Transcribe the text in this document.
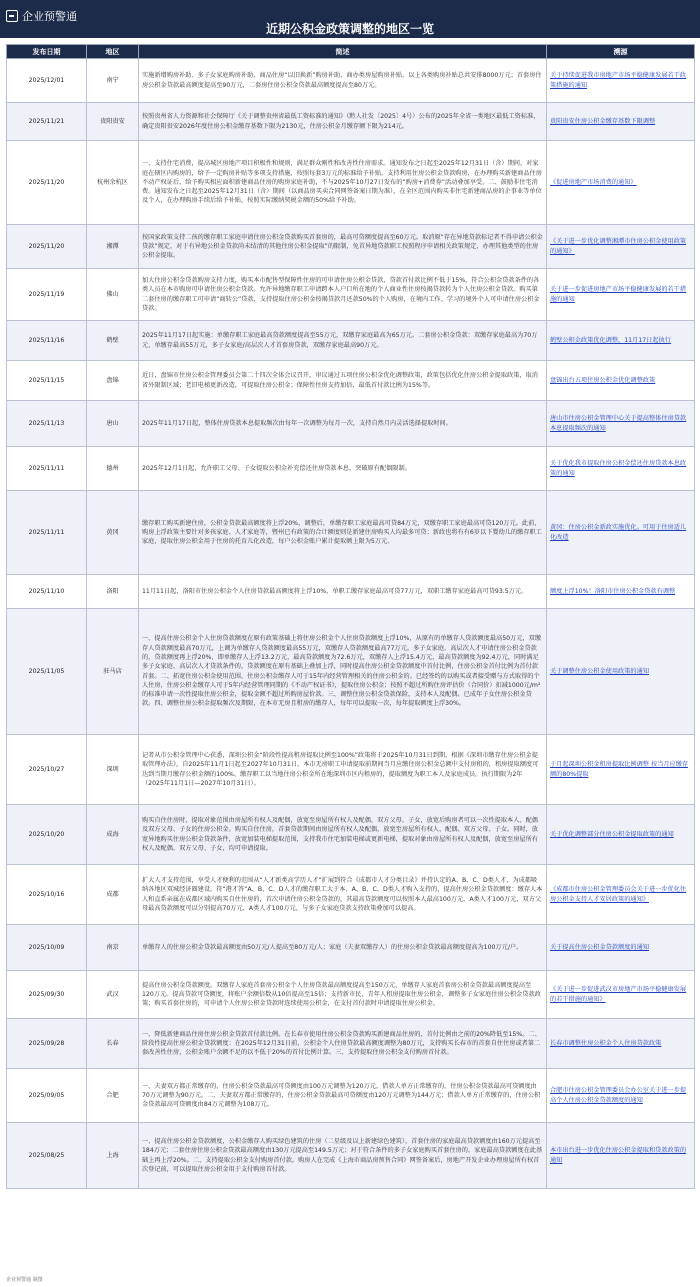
企业预警通
近期公积金政策调整的地区一览
发布日期	地区	简述	溯源
2025/12/01	南宁	实施新增购房补助、多子女家庭购房补助、商品住房“以旧换新”购房补助、商办类房屋购房补贴，以上各类购房补贴总共安排8000万元；首套房住房公积金贷款最高额度提高至90万元，二套房住房公积金贷款最高额度提高至80万元。	关于持续促进我市房地产市场平稳健康发展若干政策措施的通知
2025/11/21	贵阳贵安	按照贵州省人力资源和社会保障厅《关于调整贵州省最低工资标准的通知》（黔人社发〔2025〕4号）公布的2025年全省一类地区最低工资标准，确定贵阳贵安2026年度住房公积金缴存基数下限为2130元，住房公积金月缴存额下限为214元。	贵阳贵安住房公积金缴存基数下限调整
2025/11/20	杭州余杭区	一、支持住宅消费，提高城区房地产项目积极性和规则，满足群众刚性和改善性住房需求。通知发布之日起至2025年12月31日（含）期间，对家庭在辖区内购房的，给予一定购房补贴等多项支持措施，按照每套3万元的标准给予补贴，支持利用住房公积金贷款购房，在办理购买新建商品住房不动产权证后，给予购买相应面积新建商品住房的购房家庭补助，不与2025年10月27日发布的“购房+消费券”活动叠加享受。二、鼓励非住宅消费。通知发布之日起至2025年12月31日（含）期间（以商品房买卖合同网签备案日期为准），在全区范围内购买非住宅新建商品房的企事业等单位及个人，在办理购房手续后给予补贴，按照实际缴纳契税金额的50%给予补助。	《促进房地产市场消费的通知》
2025/11/20	湘潭	按国家政策支持二孩的缴存职工家庭申请住房公积金贷款购买首套房的，最高可贷额度提高至60万元。取消原“存在异地贷款标记者不得申请公积金贷款”规定，对于有异地公积金贷款尚未结清的其他住房公积金提取”的限制，免首异地贷款职工按照程序申请相关政策规定，办理其他类型的住房公积金提取。	《关于进一步优化调整湘潭市住房公积金使用政策的通知》
2025/11/19	佛山	加大住房公积金贷款购房支持力度，购买本市配售型保障性住房的可申请住房公积金贷款，贷款首付款比例不低于15%，符合公积金贷款条件的各类人员在本市购房可申请住房公积金贷款。允许异地缴存职工申请跨本人户口所在地的个人商业性住房按揭贷款转为个人住房公积金贷款。购买第二套住房的缴存职工可申请“商转公”贷款，支持提取住房公积金按揭贷款月还款50%的个人购房，在境内工作、学习的境外个人可申请住房公积金贷款。	关于进一步促进房地产市场平稳健康发展的若干措施的通知
2025/11/16	鹤壁	2025年11月17日起实施：单缴存职工家庭最高贷款额度提高至55万元，双缴存家庭最高为65万元。二套房公积金贷款：双缴存家庭最高为70万元，单缴存最高55万元，多子女家庭/高层次人才首套房贷款，双缴存家庭最高90万元。	鹤壁公积金政策优化调整，11月17日起执行
2025/11/15	盘锦	近日，盘锦市住房公积金管理委员会第二十四次全体会议召开，审议通过五项住房公积金优化调整政策，政策包括优化住房公积金提取政策，取消省外限制区域；老旧电梯更新改造，可提取住房公积金；保障性住房支持加倍，最低首付款比例为15%等。	盘锦出台五项住房公积金优化调整政策
2025/11/13	唐山	2025年11月17日起，整体住房贷款本息提取频次由每年一次调整为每月一次，支持自然月内灵活选择提取时间。	唐山市住房公积金管理中心关于提高整体住房贷款本息提取频次的通知
2025/11/11	德州	2025年12月1日起，允许职工父母、子女提取公积金补充偿还住房贷款本息，突破原有配偶限制。	关于优化我市提取住房公积金偿还住房贷款本息政策的通知
2025/11/11	黄冈	缴存职工购买新建住房，公积金贷款最高额度将上浮20%，调整后，单缴存职工家庭最高可贷84万元，双缴存职工家庭最高可贷120万元。此前，购房上浮政策主要针对多孩家庭、人才家庭等，暨州已有政策的合计额度则是新建住房购买人均最多可贷；新政也将有有6岁以下婴幼儿的缴存职工家庭，提取住房公积金用于住房的托育儿化改造，每户公积金账户累计提取额上限为5万元。	黄冈：住房公积金新政实施优化。可用于住房适儿化改造
2025/11/10	洛阳	11月11日起，洛阳市住房公积金个人住房贷款最高额度将上浮10%，单职工缴存家庭最高可贷77万元，双职工缴存家庭最高可贷93.5万元。	额度上浮10%！洛阳市住房公积金贷款有调整
2025/11/05	驻马店	一、提高住房公积金个人住房贷款额度在原有政策基础上将住房公积金个人住房贷款额度上浮10%，从原有的单缴存人贷款额度最高50万元，双缴存人贷款额度最高70万元，上调为单缴存人贷款额度最高55万元，双缴存人贷款额度最高77万元。多子女家庭、高层次人才申请住房公积金贷款的，贷款额度再上浮20%，即单缴存人上浮13.2万元，最高贷款额度为72.6万元，双缴存人上浮15.4万元，最高贷款额度为92.4万元，同时满足多子女家庭、高层次人才贷款条件的，贷款额度在原有基础上叠加上浮，同时提高住房公积金贷款额度中首付比例，住房公积金首付比例为首付款首套。二、拓宽住房公积金使用范围，住房公积金缴存人可于15年内经营管理相关的住房公积金的。已经签约的以购买或者接受赠与方式取得的个人住房，住房公积金缴存人可于5年内经营管理同期的《不动产权证书》，提取住房公积金；按照不超过所购住房评估价（合同价）扣减1000元/m²的标准申请一次性提取住房公积金，提取金额不超过所购房屋价款。三、调整住房公积金贷款保险，支持本人及配偶、已成年子女住房公积金贷款。四、调整住房公积金提取频次及期限，在本市无房且租房的缴存人，每年可以提取一次，每年提取额度上浮30%。	关于调整住房公积金使用政策的通知
2025/10/27	深圳	记者从市公积金管理中心获悉，深圳公积金“阶段性提高租房提取比例至100%”政策将于2025年10月31日到期，根据《深圳市缴存住房公积金提取管理办法》，自2025年11月1日起至2027年10月31日，本市无房职工申请提取前期间当月应缴住房公积金总额中支付房租的，租房提取额度可达到当期月缴存公积金额的100%，缴存职工以当地住房公积金所在地深圳市区内租房的，提取额度为职工本人及家庭成员。执行期限为2年（2025年11月1日—2027年10月31日）。	于月起深圳公积金租房提取比例调整 按当月应缴存额的80%提取
2025/10/20	成海	购买自住住房时，提取对象范围由房屋所有权人及配偶，放宽至房屋所有权人及配偶、双方父母、子女，放宽后购房者可以一次性提取本人、配偶及双方父母、子女的住房公积金。购买自住住房，首套贷款期间由房屋所有权人及配偶，放宽至房屋所有权人、配偶、双方父母、子女。同时，放宽异地购买住房公积金贷款条件，放宽加装电梯提取范围，支持我市住宅加装电梯或更新电梯，提取对象由房屋所有权人及配偶，放宽至房屋所有权人及配偶、双方父母、子女，均可申请提取。	关于优化调整部分住房公积金提取政策的通知
2025/10/16	成都	扩大人才支持范围，享受人才便利的范围从“人才新类高学历人才”扩展到符合《成都市人才分类目录》并持认定的A、B、C、D类人才，为成都吸纳各地区双城经济圈建设。符“港才答”A、B、C、D人才的缴存职工大于本、A、B、C、D类人才购入支持的，提高住房公积金贷款额度：缴存人本人和直系亲属在成都区域内购买自住住房的，首次申请住房公积金贷款的，其最高贷款额度可以按照本人最高100万元、A类人才100万元，双方父母最高贷款额度可以分别提高70万元、A类人才100万元，与多子女家庭贷款支持政策叠加可以提高。	《成都市住房公积金管理委员会关于进一步优化住房公积金支持人才安居政策的通知》
2025/10/09	南京	单缴存人的住房公积金贷款最高额度由50万元/人提高至80万元/人；家庭（夫妻双缴存人）的住房公积金贷款最高额度提高为100万元/户。	关于提高住房公积金贷款额度的通知
2025/09/30	武汉	提高住房公积金贷款额度。双缴存人家庭首套房公积金个人住房贷款最高额度提高至150万元，单缴存人家庭首套房公积金贷款最高额度提高至120万元。提高贷款可贷额度，将账户余额倍数从10倍提高至15倍；支持新市民、青年人租房提取住房公积金，调整多子女家庭住房公积金贷款政策；购买首套住房的，可申请个人住房公积金贷款时连续使用公积金，在支付首付款时申请提取住房公积金。	《关于进一步促进武汉市房地产市场平稳健康发展的若干措施的通知》
2025/09/28	长春	一、降低新建商品住房住房公积金贷款首付款比例。在长春市使用住房公积金贷款购买新建商品住房的，首付比例由之前的20%降低至15%。二、阶段性提高住房公积金贷款额度：在2025年12月31日前，公积金个人住房贷款最高额度调整为80万元，支持购买长春市的首套自住住房或者第二套改善性住房，公积金账户余额不足的以不低于20%的首付比例计算。三、支持提取住房公积金支付购房首付款。	长春市调整住房公积金个人住房贷款政策
2025/09/05	合肥	一、夫妻双方都正常缴存的，住房公积金贷款最高可贷额度由100万元调整为120万元，借款人单方正常缴存的，住房公积金贷款最高可贷额度由70万元调整为90万元。二、夫妻双方都正常缴存的，住房公积金贷款最高可贷额度由120万元调整为144万元；借款人单方正常缴存的，住房公积金贷款最高可贷额度由84万元调整为108万元。	合肥市住房公积金管理委员会办公室关于进一步提高个人住房公积金贷款额度的通知
2025/08/25	上海	一、提高住房公积金贷款额度，公积金缴存人购买绿色建筑的住房（二星级及以上新建绿色建筑），首套住房的家庭最高贷款额度由160万元提高至184万元；二套住房住房公积金贷款最高额度由130万元提高至149.5万元；对于符合条件的多子女家庭购买首套住房的，家庭最高贷款额度在此基础上再上浮20%。二、支持提取公积金支付购房首付款。购房人在完成《上海市商品房预售合同》网签备案后，房地产开发企业办理房屋所有权首次登记前，可以提取住房公积金用于支付购房首付款。	本市出台进一步优化住房公积金提取和贷款政策的通知
企业预警通 制图
